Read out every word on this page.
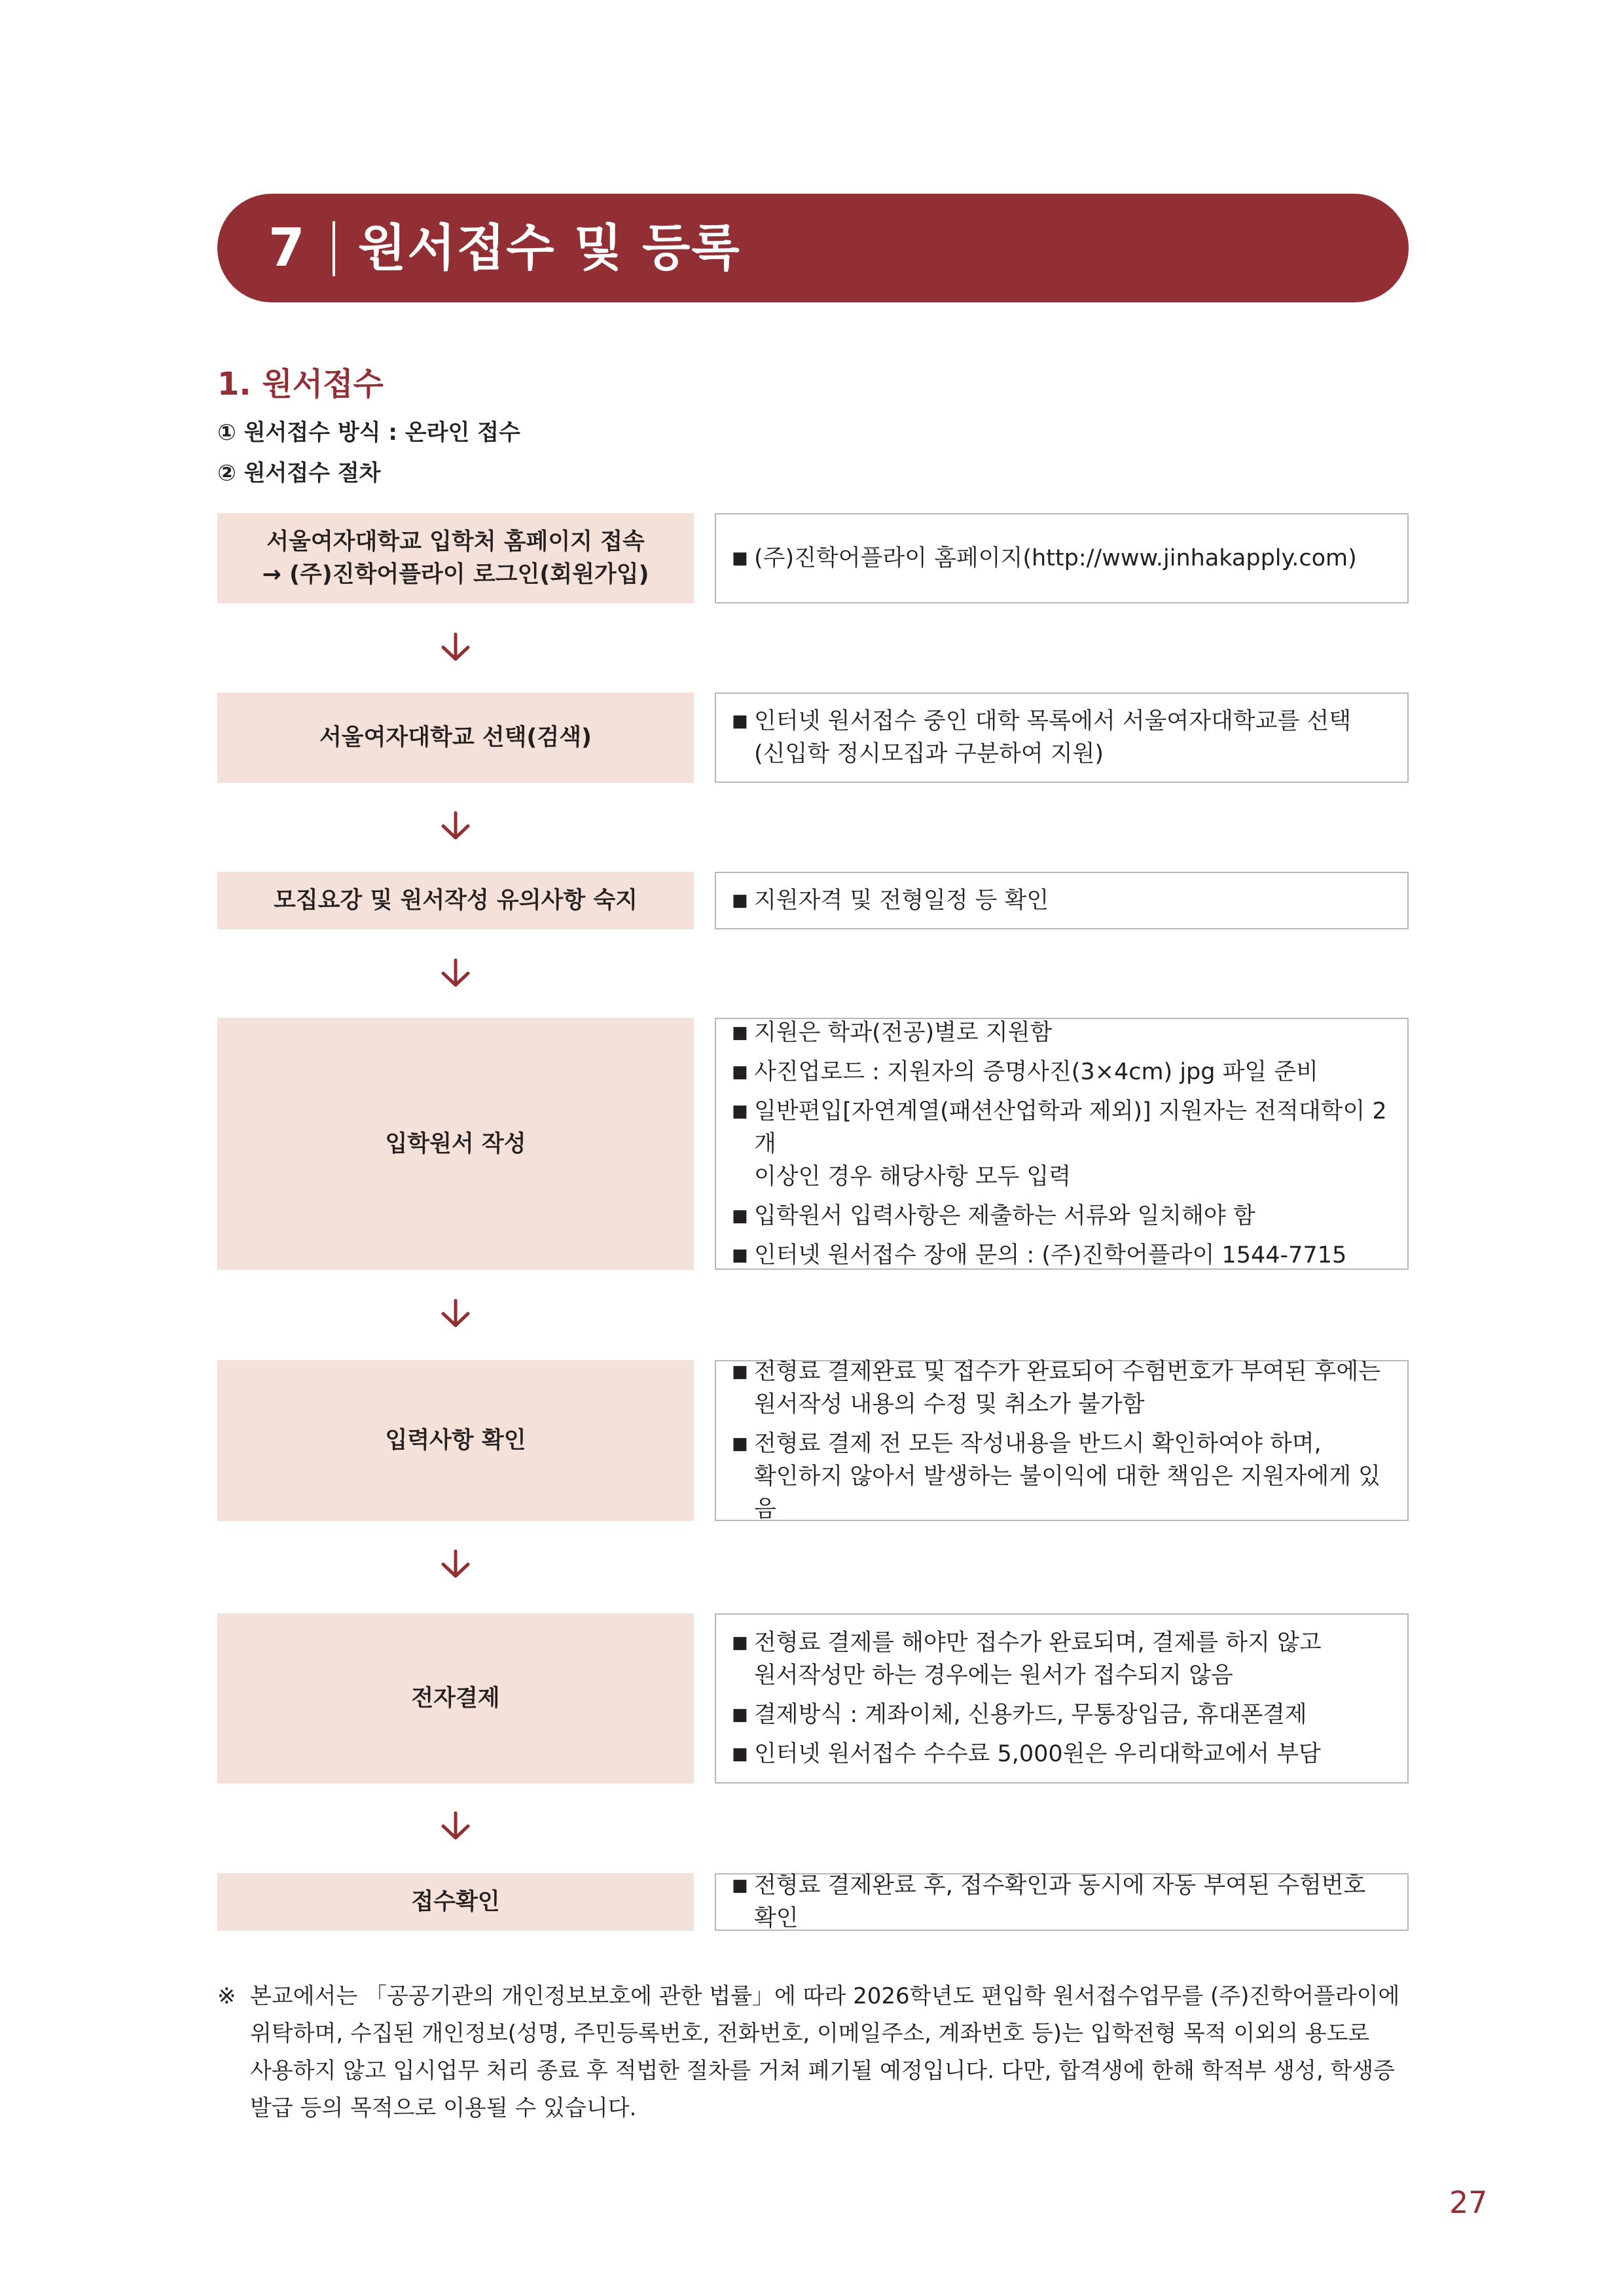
7 원서접수 및 등록
1. 원서접수
① 원서접수 방식 : 온라인 접수
② 원서접수 절차
서울여자대학교 입학처 홈페이지 접속
→ (주)진학어플라이 로그인(회원가입)
■ (주)진학어플라이 홈페이지(http://www.jinhakapply.com)
서울여자대학교 선택(검색)
■ 인터넷 원서접수 중인 대학 목록에서 서울여자대학교를 선택
(신입학 정시모집과 구분하여 지원)
모집요강 및 원서작성 유의사항 숙지	■ 지원자격 및 전형일정 등 확인
입학원서 작성
■ 지원은 학과(전공)별로 지원함
■ 사진업로드 : 지원자의 증명사진(3×4cm) jpg 파일 준비
■ 일반편입[자연계열(패션산업학과 제외)] 지원자는 전적대학이 2개
이상인 경우 해당사항 모두 입력
■ 입학원서 입력사항은 제출하는 서류와 일치해야 함
■ 인터넷 원서접수 장애 문의 : (주)진학어플라이 1544-7715
입력사항 확인
■ 전형료 결제완료 및 접수가 완료되어 수험번호가 부여된 후에는
원서작성 내용의 수정 및 취소가 불가함
■ 전형료 결제 전 모든 작성내용을 반드시 확인하여야 하며,
확인하지 않아서 발생하는 불이익에 대한 책임은 지원자에게 있음
전자결제
■ 전형료 결제를 해야만 접수가 완료되며, 결제를 하지 않고
원서작성만 하는 경우에는 원서가 접수되지 않음
■ 결제방식 : 계좌이체, 신용카드, 무통장입금, 휴대폰결제
■ 인터넷 원서접수 수수료 5,000원은 우리대학교에서 부담
접수확인
■ 전형료 결제완료 후, 접수확인과 동시에 자동 부여된 수험번호 확인
※ 본교에서는 「공공기관의 개인정보보호에 관한 법률」에 따라 2026학년도 편입학 원서접수업무를 (주)진학어플라이에
위탁하며, 수집된 개인정보(성명, 주민등록번호, 전화번호, 이메일주소, 계좌번호 등)는 입학전형 목적 이외의 용도로
사용하지 않고 입시업무 처리 종료 후 적법한 절차를 거쳐 폐기될 예정입니다. 다만, 합격생에 한해 학적부 생성, 학생증
발급 등의 목적으로 이용될 수 있습니다.
27
